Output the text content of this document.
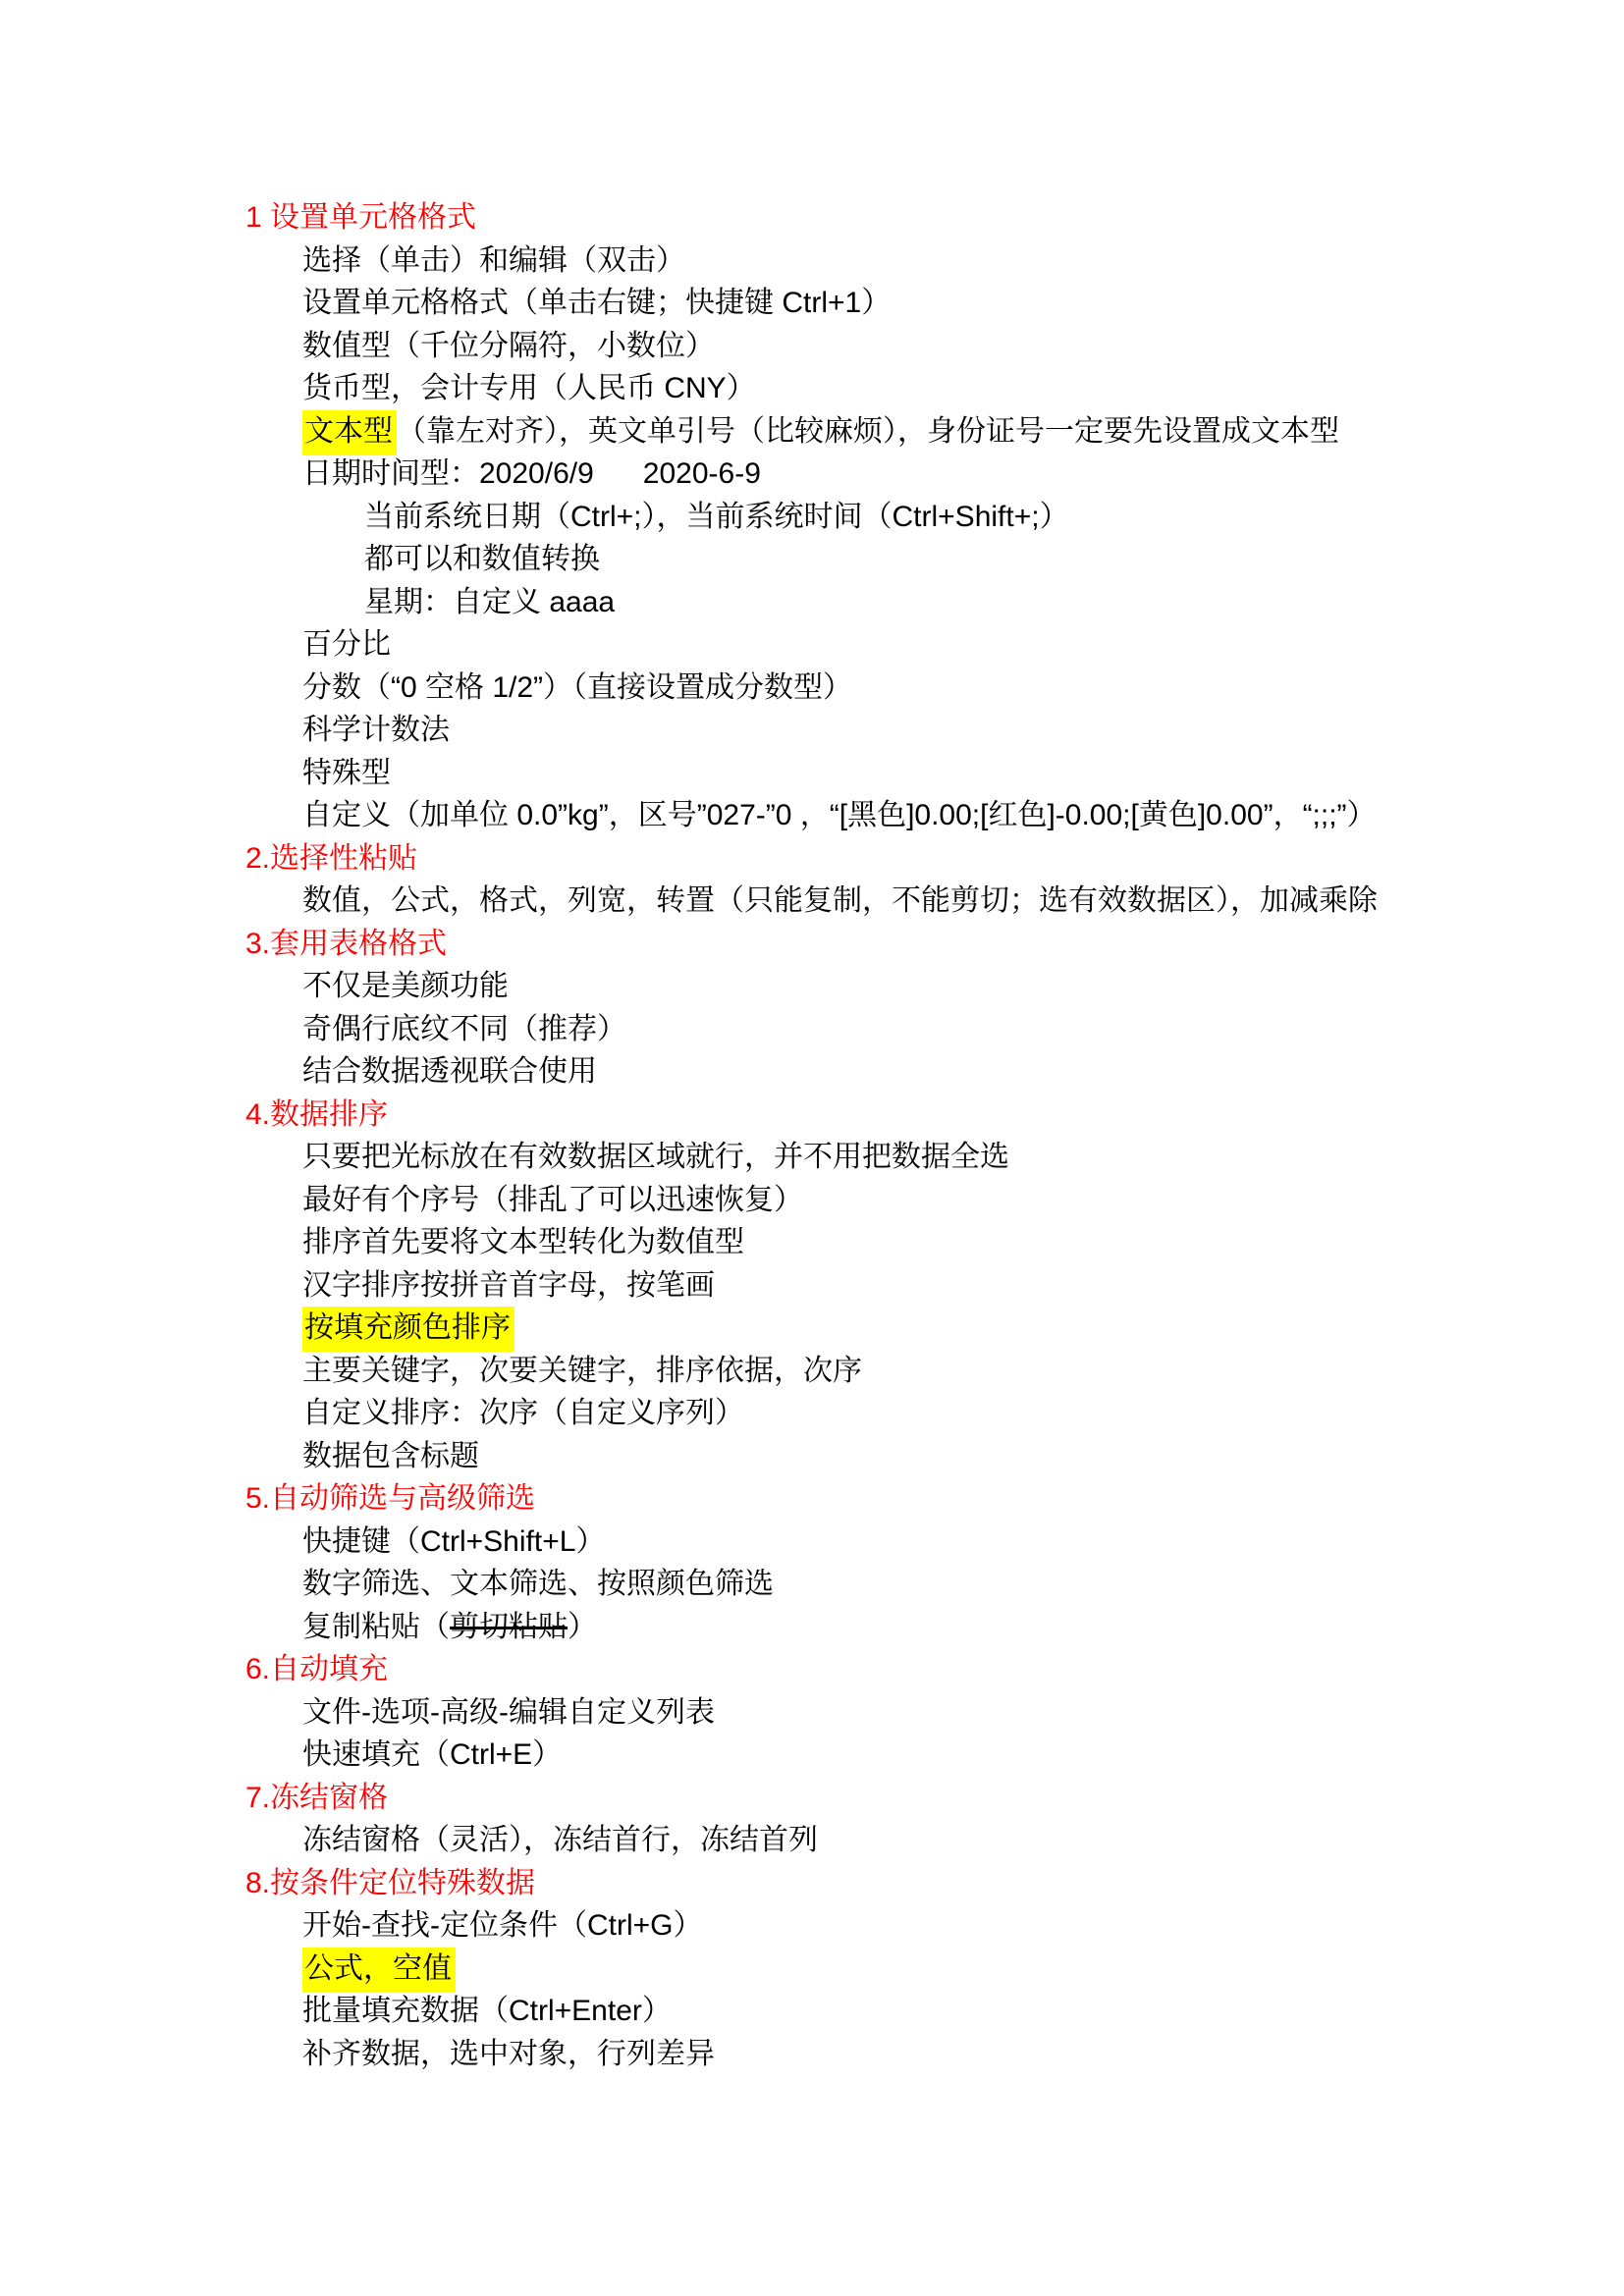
1 设置单元格格式
选择（单击）和编辑（双击）
设置单元格格式（单击右键；快捷键 Ctrl+1）
数值型（千位分隔符，小数位）
货币型，会计专用（人民币 CNY）
文本型 （靠左对齐），英文单引号（比较麻烦），身份证号一定要先设置成文本型
日期时间型：2020/6/9      2020-6-9
当前系统日期（Ctrl+;），当前系统时间（Ctrl+Shift+;）
都可以和数值转换
星期：自定义 aaaa
百分比
分数（“0 空格 1/2”）（直接设置成分数型）
科学计数法
特殊型
自定义（加单位 0.0”kg”，区号”027-”0 ，“[黑色]0.00;[红色]-0.00;[黄色]0.00”，“;;;”）
2.选择性粘贴
数值，公式，格式，列宽，转置（只能复制，不能剪切；选有效数据区），加减乘除
3.套用表格格式
不仅是美颜功能
奇偶行底纹不同（推荐）
结合数据透视联合使用
4.数据排序
只要把光标放在有效数据区域就行，并不用把数据全选
最好有个序号（排乱了可以迅速恢复）
排序首先要将文本型转化为数值型
汉字排序按拼音首字母，按笔画
按填充颜色排序
主要关键字，次要关键字，排序依据，次序
自定义排序：次序（自定义序列）
数据包含标题
5.自动筛选与高级筛选
快捷键（Ctrl+Shift+L）
数字筛选、文本筛选、按照颜色筛选
复制粘贴（剪切粘贴）
6.自动填充
文件-选项-高级-编辑自定义列表
快速填充（Ctrl+E）
7.冻结窗格
冻结窗格（灵活），冻结首行，冻结首列
8.按条件定位特殊数据
开始-查找-定位条件（Ctrl+G）
公式，空值
批量填充数据（Ctrl+Enter）
补齐数据，选中对象，行列差异
